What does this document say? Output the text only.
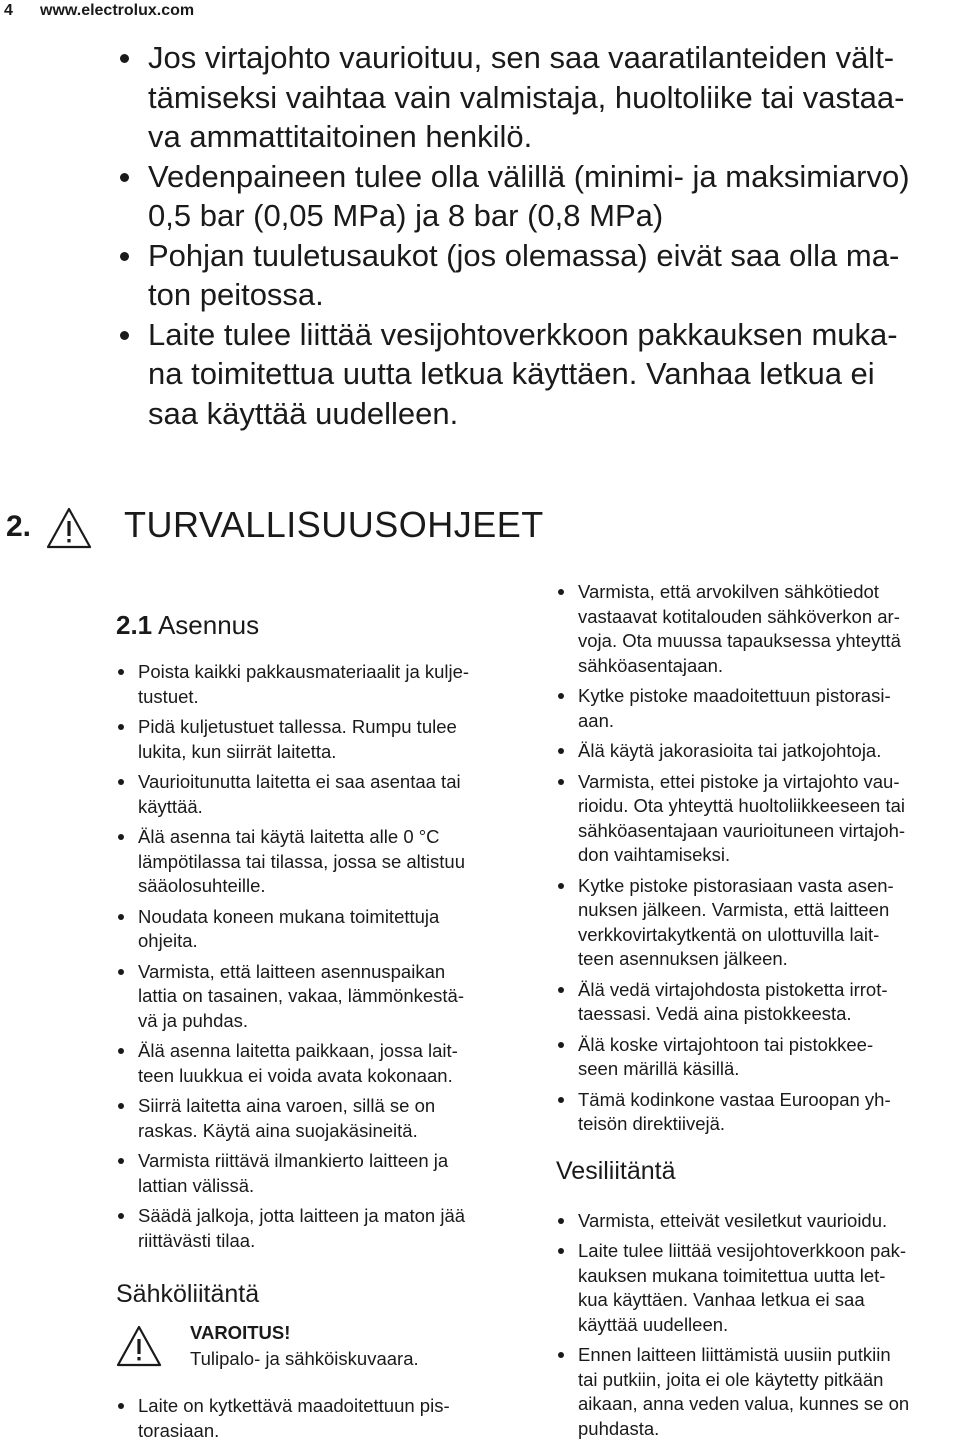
4 www.electrolux.com
Jos virtajohto vaurioituu, sen saa vaaratilanteiden vält-
tämiseksi vaihtaa vain valmistaja, huoltoliike tai vastaa-
va ammattitaitoinen henkilö.
Vedenpaineen tulee olla välillä (minimi- ja maksimiarvo)
0,5 bar (0,05 MPa) ja 8 bar (0,8 MPa)
Pohjan tuuletusaukot (jos olemassa) eivät saa olla ma-
ton peitossa.
Laite tulee liittää vesijohtoverkkoon pakkauksen muka-
na toimitettua uutta letkua käyttäen. Vanhaa letkua ei
saa käyttää uudelleen.
2.	TURVALLISUUSOHJEET
2.1 Asennus
Poista kaikki pakkausmateriaalit ja kulje-
tustuet.
Pidä kuljetustuet tallessa. Rumpu tulee
lukita, kun siirrät laitetta.
Vaurioitunutta laitetta ei saa asentaa tai
käyttää.
Älä asenna tai käytä laitetta alle 0 °C
lämpötilassa tai tilassa, jossa se altistuu
sääolosuhteille.
Noudata koneen mukana toimitettuja
ohjeita.
Varmista, että laitteen asennuspaikan
lattia on tasainen, vakaa, lämmönkestä-
vä ja puhdas.
Älä asenna laitetta paikkaan, jossa lait-
teen luukkua ei voida avata kokonaan.
Siirrä laitetta aina varoen, sillä se on
raskas. Käytä aina suojakäsineitä.
Varmista riittävä ilmankierto laitteen ja
lattian välissä.
Säädä jalkoja, jotta laitteen ja maton jää
riittävästi tilaa.
Sähköliitäntä
VAROITUS!
Tulipalo- ja sähköiskuvaara.
Laite on kytkettävä maadoitettuun pis-
torasiaan.
Varmista, että arvokilven sähkötiedot
vastaavat kotitalouden sähköverkon ar-
voja. Ota muussa tapauksessa yhteyttä
sähköasentajaan.
Kytke pistoke maadoitettuun pistorasi-
aan.
Älä käytä jakorasioita tai jatkojohtoja.
Varmista, ettei pistoke ja virtajohto vau-
rioidu. Ota yhteyttä huoltoliikkeeseen tai
sähköasentajaan vaurioituneen virtajoh-
don vaihtamiseksi.
Kytke pistoke pistorasiaan vasta asen-
nuksen jälkeen. Varmista, että laitteen
verkkovirtakytkentä on ulottuvilla lait-
teen asennuksen jälkeen.
Älä vedä virtajohdosta pistoketta irrot-
taessasi. Vedä aina pistokkeesta.
Älä koske virtajohtoon tai pistokkee-
seen märillä käsillä.
Tämä kodinkone vastaa Euroopan yh-
teisön direktiivejä.
Vesiliitäntä
Varmista, etteivät vesiletkut vaurioidu.
Laite tulee liittää vesijohtoverkkoon pak-
kauksen mukana toimitettua uutta let-
kua käyttäen. Vanhaa letkua ei saa
käyttää uudelleen.
Ennen laitteen liittämistä uusiin putkiin
tai putkiin, joita ei ole käytetty pitkään
aikaan, anna veden valua, kunnes se on
puhdasta.
